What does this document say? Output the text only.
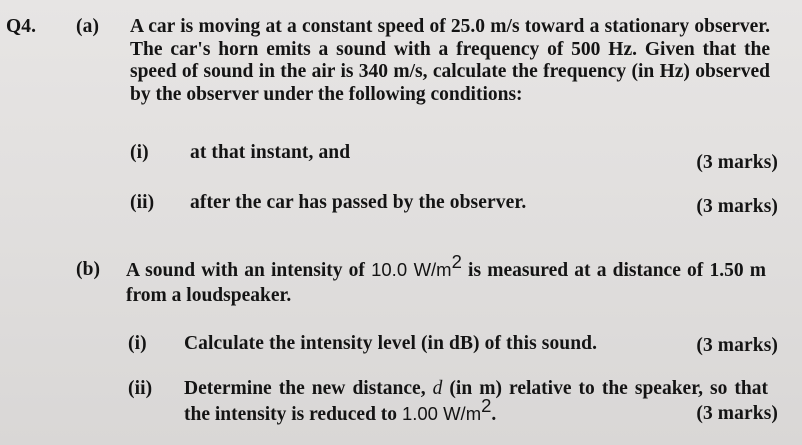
Q4. (a) A car is moving at a constant speed of 25.0 m/s toward a stationary observer. The car's horn emits a sound with a frequency of 500 Hz. Given that the speed of sound in the air is 340 m/s, calculate the frequency (in Hz) observed by the observer under the following conditions:
(i) at that instant, and	(3 marks)
(ii) after the car has passed by the observer.	(3 marks)
(b) A sound with an intensity of 10.0 $W/m^2$ is measured at a distance of 1.50 m from a loudspeaker.
(i) Calculate the intensity level (in dB) of this sound.	(3 marks)
(ii) Determine the new distance, d (in m) relative to the speaker, so that the intensity is reduced to 1.00 $W/m^2$.	(3 marks)
